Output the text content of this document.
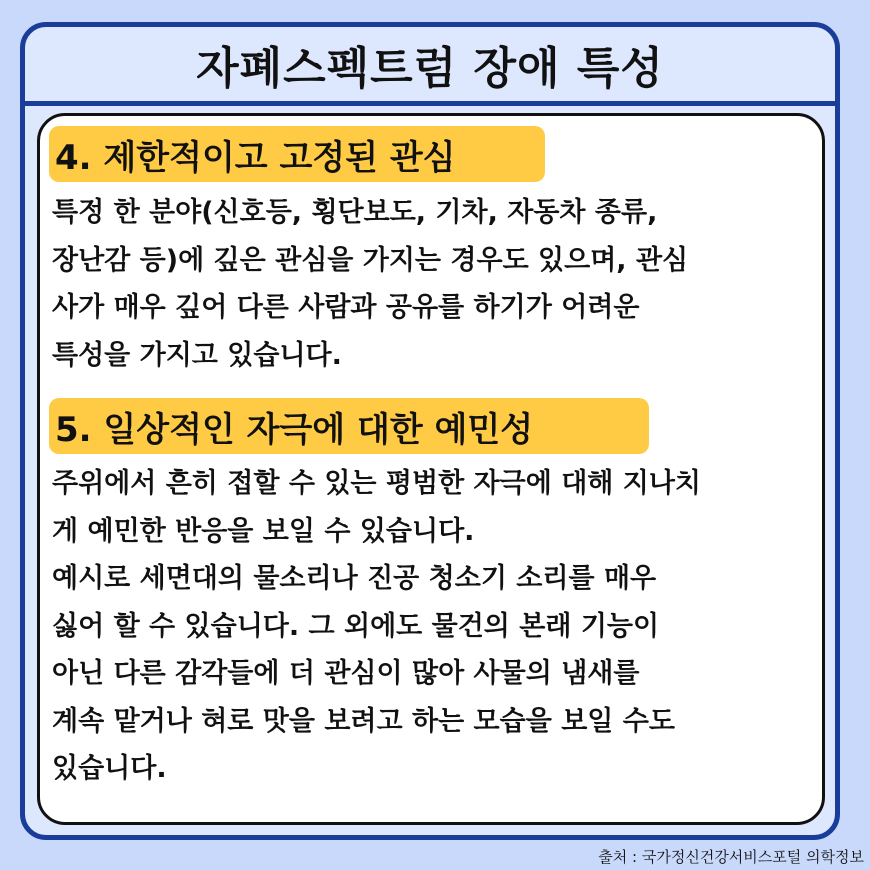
자폐스펙트럼 장애 특성
4. 제한적이고 고정된 관심
특정 한 분야(신호등, 횡단보도, 기차, 자동차 종류,
장난감 등)에 깊은 관심을 가지는 경우도 있으며, 관심
사가 매우 깊어 다른 사람과 공유를 하기가 어려운
특성을 가지고 있습니다.
5. 일상적인 자극에 대한 예민성
주위에서 흔히 접할 수 있는 평범한 자극에 대해 지나치
게 예민한 반응을 보일 수 있습니다.
예시로 세면대의 물소리나 진공 청소기 소리를 매우
싫어 할 수 있습니다. 그 외에도 물건의 본래 기능이
아닌 다른 감각들에 더 관심이 많아 사물의 냄새를
계속 맡거나 혀로 맛을 보려고 하는 모습을 보일 수도
있습니다.
출처 : 국가정신건강서비스포털 의학정보
